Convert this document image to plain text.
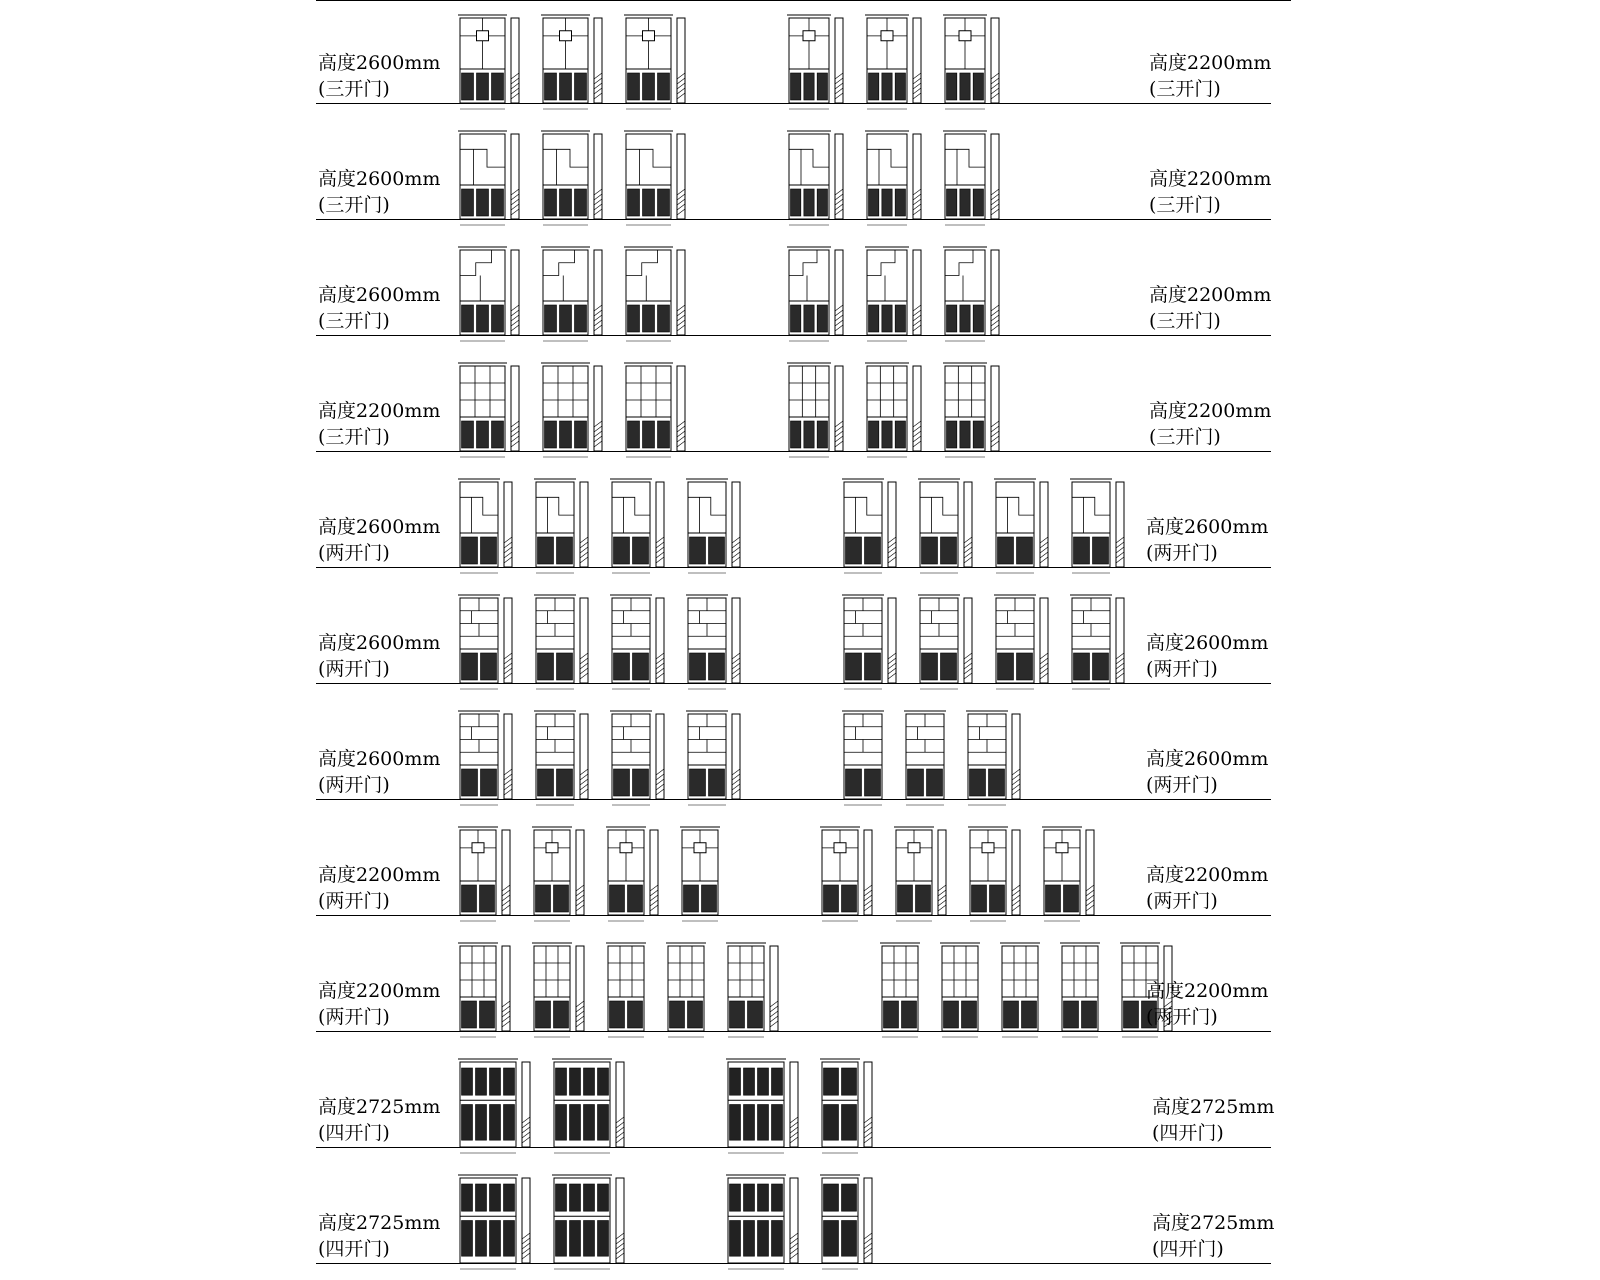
高度2600mm
(三开门)
高度2200mm
(三开门)
高度2600mm
(三开门)
高度2200mm
(三开门)
高度2600mm
(三开门)
高度2200mm
(三开门)
高度2200mm
(三开门)
高度2200mm
(三开门)
高度2600mm
(两开门)
高度2600mm
(两开门)
高度2600mm
(两开门)
高度2600mm
(两开门)
高度2600mm
(两开门)
高度2600mm
(两开门)
高度2200mm
(两开门)
高度2200mm
(两开门)
高度2200mm
(两开门)
高度2200mm
(两开门)
高度2725mm
(四开门)
高度2725mm
(四开门)
高度2725mm
(四开门)
高度2725mm
(四开门)
